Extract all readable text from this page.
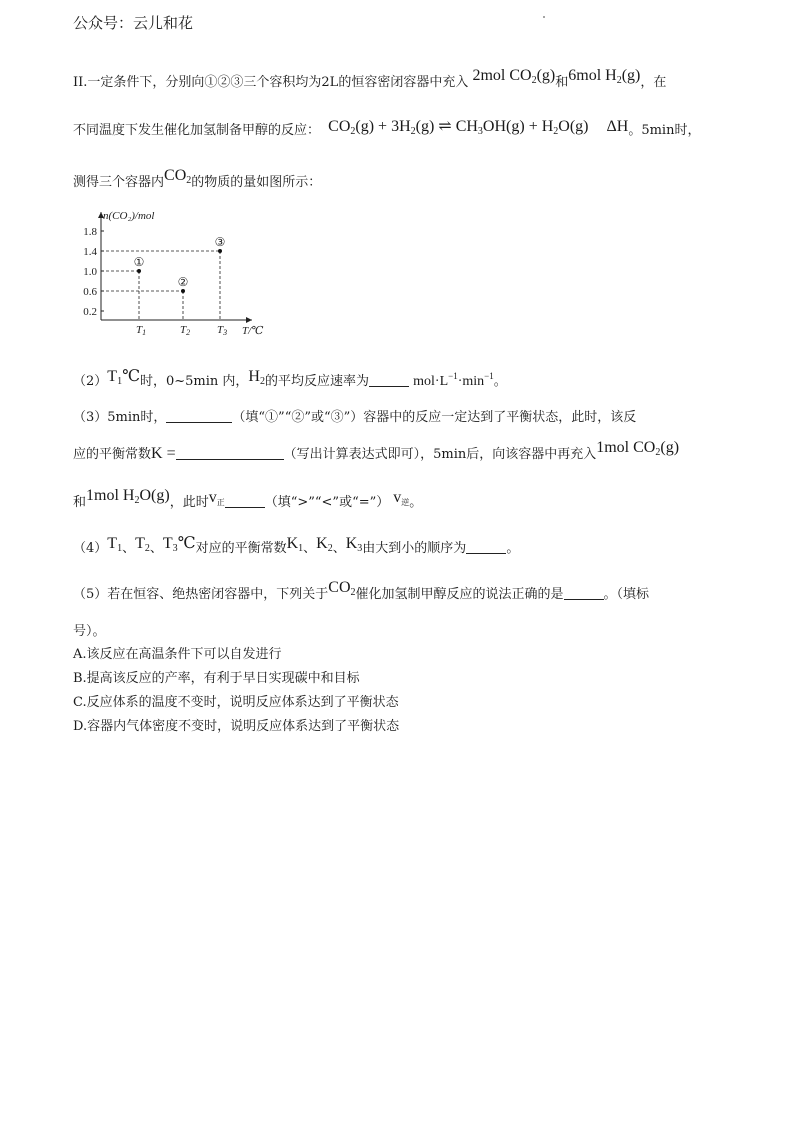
公众号：云儿和花
II.一定条件下，分别向①②③三个容积均为2L的恒容密闭容器中充入 2mol $CO_2(g)$和6mol $H_2(g)$，在
不同温度下发生催化加氢制备甲醇的反应： $CO_2(g) + 3H_2(g)$ ⇌ $CH_3OH(g) + H_2O(g)$ ΔH。5min时，
测得三个容器内$CO_2$的物质的量如图所示：
n(CO₂)/mol
T/℃
0.2
0.6
1.0
1.4
1.8
①
T1
②
T2
③
T3
$(2)T_1℃$时，0~5min 内，$H_2$的平均反应速率为	$mol\cdot L^{-1}\cdot\min^{-1}$。
（3）5min时，	（填“①”“②”或“③”）容器中的反应一定达到了平衡状态，此时，该反
应的平衡常数K =	（写出计算表达式即可），5min后，向该容器中再充入1mol $CO_2(g)$
和1mol $H_2O(g)$，此时$v_正$	（填“>”“<”或“=”） $v_逆$。
$(4)T_1$、$T_2$、$T_3℃$对应的平衡常数$K_1$、$K_2$、$K_3$由大到小的顺序为	。
（5）若在恒容、绝热密闭容器中，下列关于$CO_2$催化加氢制甲醇反应的说法正确的是	。（填标
号）。
A.该反应在高温条件下可以自发进行
B.提高该反应的产率，有利于早日实现碳中和目标
C.反应体系的温度不变时，说明反应体系达到了平衡状态
D.容器内气体密度不变时，说明反应体系达到了平衡状态
